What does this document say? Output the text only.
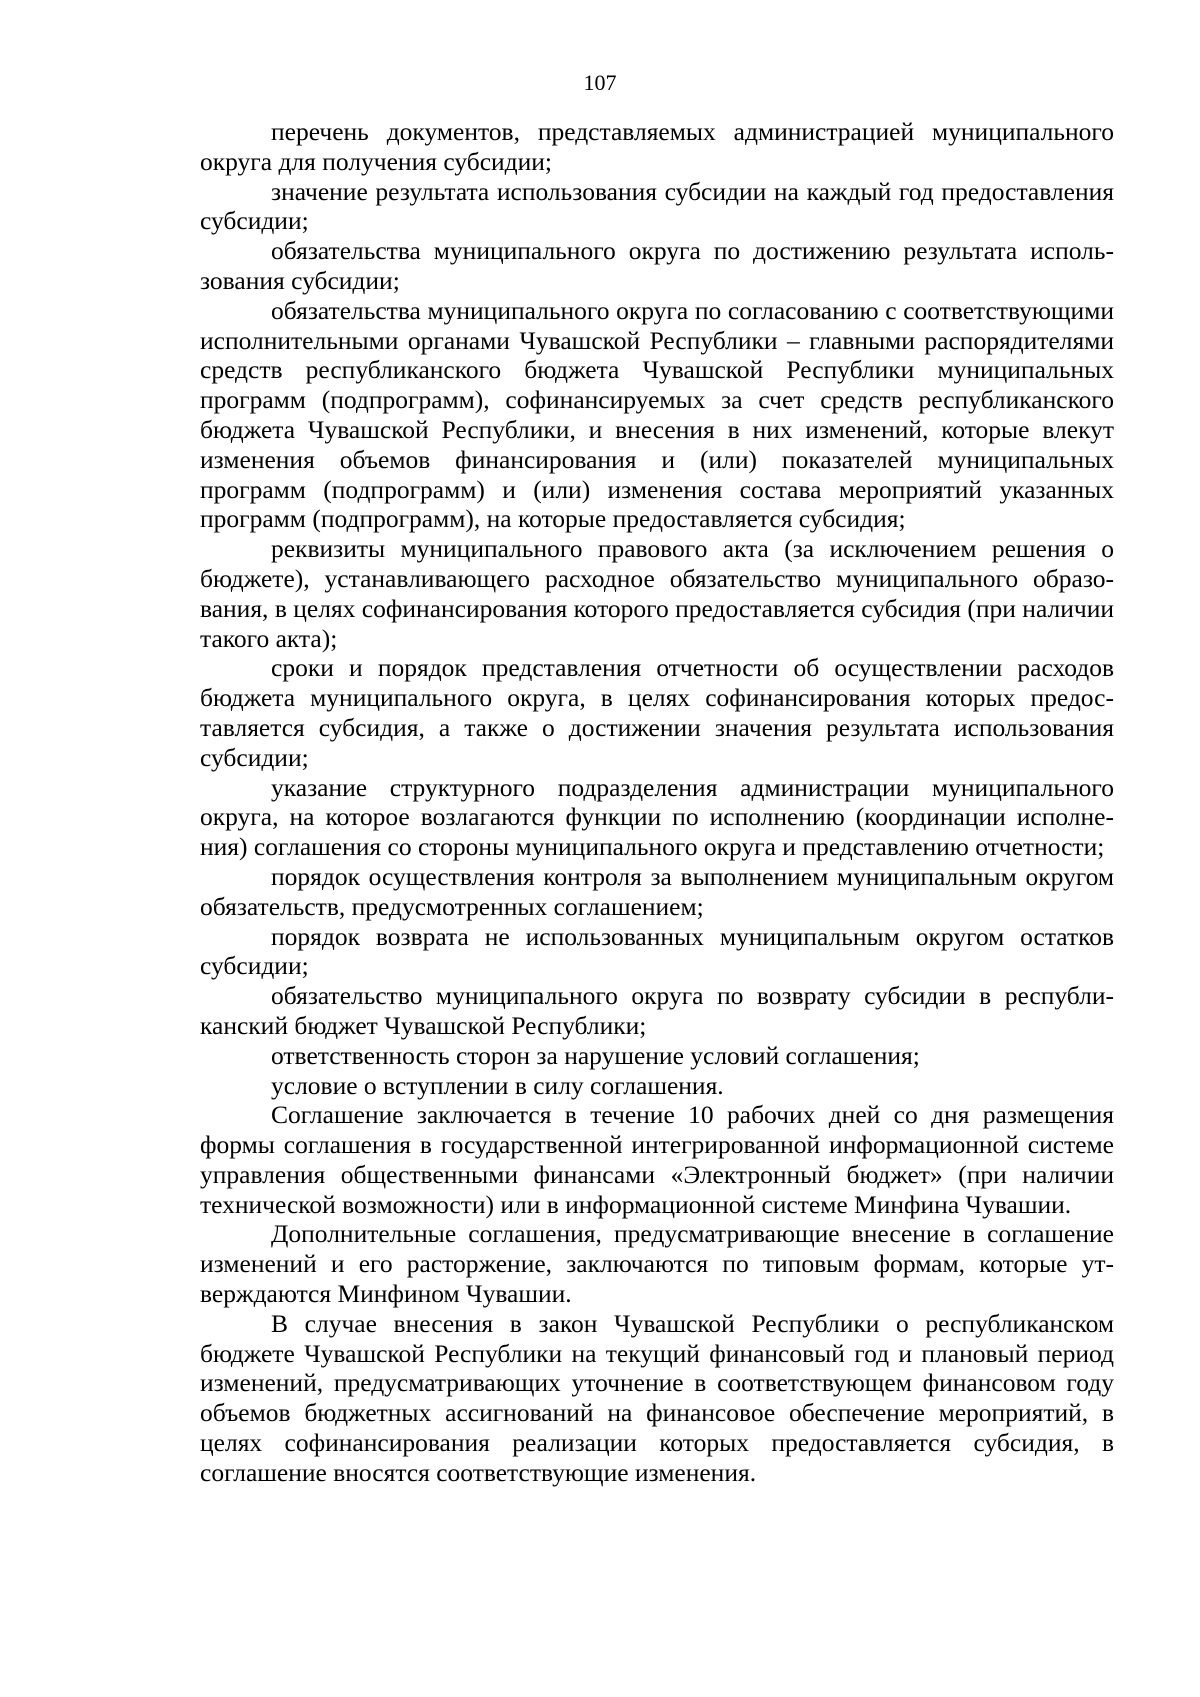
107

перечень документов, представляемых администрацией муниципального округа для получения субсидии;

значение результата использования субсидии на каждый год предоставления субсидии;

обязательства муниципального округа по достижению результата использования субсидии;

обязательства муниципального округа по согласованию с соответствующими исполнительными органами Чувашской Республики – главными распорядителями средств республиканского бюджета Чувашской Республики муниципальных программ (подпрограмм), софинансируемых за счет средств республиканского бюджета Чувашской Республики, и внесения в них изменений, которые влекут изменения объемов финансирования и (или) показателей муниципальных программ (подпрограмм) и (или) изменения состава мероприятий указанных программ (подпрограмм), на которые предоставляется субсидия;

реквизиты муниципального правового акта (за исключением решения о бюджете), устанавливающего расходное обязательство муниципального образования, в целях софинансирования которого предоставляется субсидия (при наличии такого акта);

сроки и порядок представления отчетности об осуществлении расходов бюджета муниципального округа, в целях софинансирования которых предоставляется субсидия, а также о достижении значения результата использования субсидии;

указание структурного подразделения администрации муниципального округа, на которое возлагаются функции по исполнению (координации исполнения) соглашения со стороны муниципального округа и представлению отчетности;

порядок осуществления контроля за выполнением муниципальным округом обязательств, предусмотренных соглашением;

порядок возврата не использованных муниципальным округом остатков субсидии;

обязательство муниципального округа по возврату субсидии в республиканский бюджет Чувашской Республики;

ответственность сторон за нарушение условий соглашения;

условие о вступлении в силу соглашения.

Соглашение заключается в течение 10 рабочих дней со дня размещения формы соглашения в государственной интегрированной информационной системе управления общественными финансами «Электронный бюджет» (при наличии технической возможности) или в информационной системе Минфина Чувашии.

Дополнительные соглашения, предусматривающие внесение в соглашение изменений и его расторжение, заключаются по типовым формам, которые утверждаются Минфином Чувашии.

В случае внесения в закон Чувашской Республики о республиканском бюджете Чувашской Республики на текущий финансовый год и плановый период изменений, предусматривающих уточнение в соответствующем финансовом году объемов бюджетных ассигнований на финансовое обеспечение мероприятий, в целях софинансирования реализации которых предоставляется субсидия, в соглашение вносятся соответствующие изменения.
